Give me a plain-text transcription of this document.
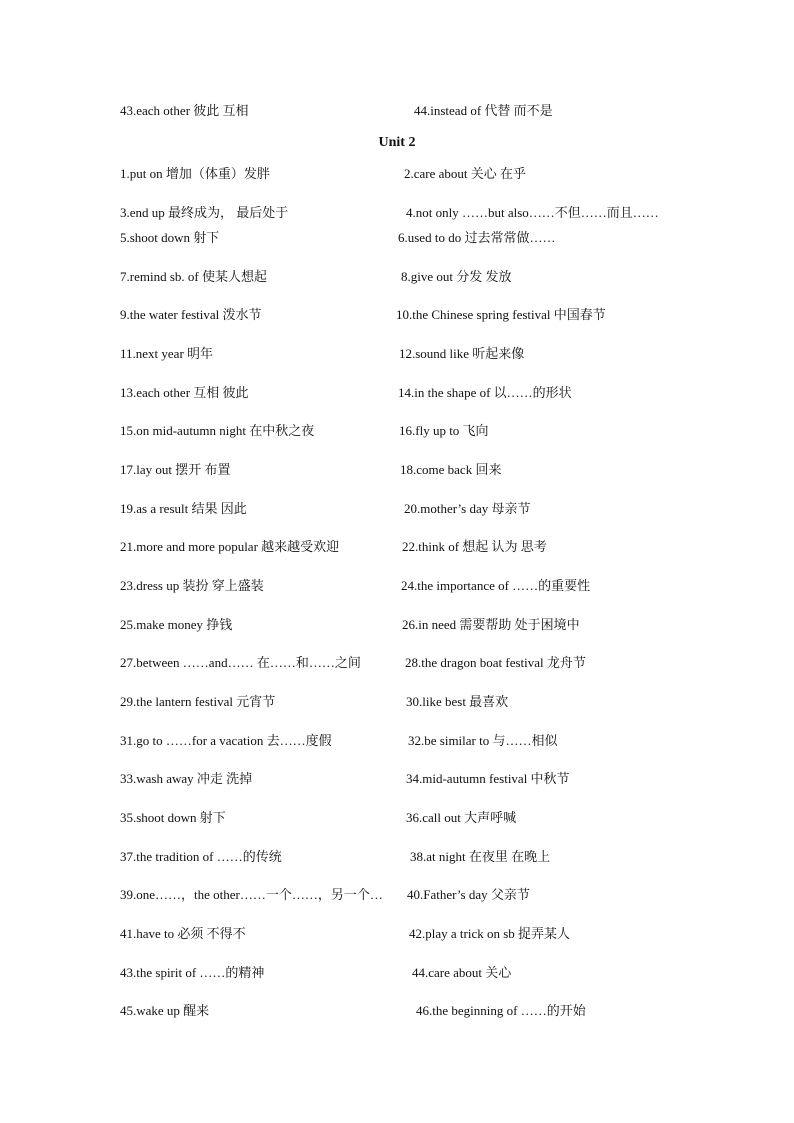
43.each other 彼此 互相	44.instead of 代替 而不是
Unit 2
1.put on 增加（体重）发胖	2.care about 关心 在乎
3.end up 最终成为， 最后处于	4.not only ……but also……不但……而且……
5.shoot down 射下	6.used to do 过去常常做……
7.remind sb. of 使某人想起	8.give out 分发 发放
9.the water festival 泼水节	10.the Chinese spring festival 中国春节
11.next year 明年	12.sound like 听起来像
13.each other 互相 彼此	14.in the shape of 以……的形状
15.on mid-autumn night 在中秋之夜	16.fly up to 飞向
17.lay out 摆开 布置	18.come back 回来
19.as a result 结果 因此	20.mother’s day 母亲节
21.more and more popular 越来越受欢迎	22.think of 想起 认为 思考
23.dress up 装扮 穿上盛装	24.the importance of ……的重要性
25.make money 挣钱	26.in need 需要帮助 处于困境中
27.between ……and…… 在……和……之间	28.the dragon boat festival 龙舟节
29.the lantern festival 元宵节	30.like best 最喜欢
31.go to ……for a vacation 去……度假	32.be similar to 与……相似
33.wash away 冲走 洗掉	34.mid-autumn festival 中秋节
35.shoot down 射下	36.call out 大声呼喊
37.the tradition of ……的传统	38.at night 在夜里 在晚上
39.one……，the other……一个……，另一个… 40.Father’s day 父亲节
41.have to 必须 不得不	42.play a trick on sb 捉弄某人
43.the spirit of ……的精神	44.care about 关心
45.wake up 醒来	46.the beginning of ……的开始
